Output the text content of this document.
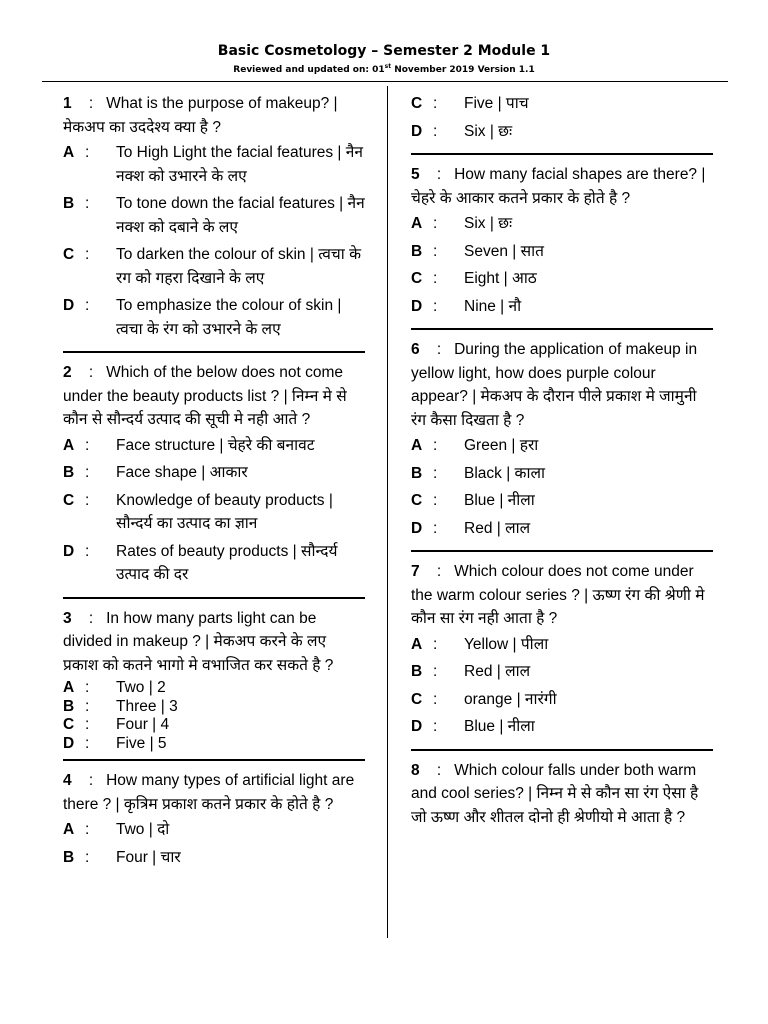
Basic Cosmetology – Semester 2 Module 1
Reviewed and updated on: 01st November 2019 Version 1.1
1 : What is the purpose of makeup? | मेकअप का उददेश्य क्या है ?
A :	To High Light the facial features | नैन नक्श को उभारने के लए
B :	To tone down the facial features | नैन नक्श को दबाने के लए
C :	To darken the colour of skin | त्वचा के रग को गहरा दिखाने के लए
D :	To emphasize the colour of skin | त्वचा के रंग को उभारने के लए
2 : Which of the below does not come under the beauty products list ? | निम्न मे से कौन से सौन्दर्य उत्पाद की सूची मे नही आते ?
A :	Face structure | चेहरे की बनावट
B :	Face shape | आकार
C :	Knowledge of beauty products | सौन्दर्य का उत्पाद का ज्ञान
D :	Rates of beauty products | सौन्दर्य उत्पाद की दर
3 : In how many parts light can be divided in makeup ? | मेकअप करने के लए प्रकाश को कतने भागो मे वभाजित कर सकते है ?
A :	Two | 2
B :	Three | 3
C :	Four | 4
D :	Five | 5
4 : How many types of artificial light are there ? | कृत्रिम प्रकाश कतने प्रकार के होते है ?
A :	Two | दो
B :	Four | चार
C :	Five | पाच
D :	Six | छः
5 : How many facial shapes are there? | चेहरे के आकार कतने प्रकार के होते है ?
A :	Six | छः
B :	Seven | सात
C :	Eight | आठ
D :	Nine | नौ
6 : During the application of makeup in yellow light, how does purple colour appear? | मेकअप के दौरान पीले प्रकाश मे जामुनी रंग कैसा दिखता है ?
A :	Green | हरा
B :	Black | काला
C :	Blue | नीला
D :	Red | लाल
7 : Which colour does not come under the warm colour series ? | ऊष्ण रंग की श्रेणी मे कौन सा रंग नही आता है ?
A :	Yellow | पीला
B :	Red | लाल
C :	orange | नारंगी
D :	Blue | नीला
8 : Which colour falls under both warm and cool series? | निम्न मे से कौन सा रंग ऐसा है जो ऊष्ण और शीतल दोनो ही श्रेणीयो मे आता है ?
